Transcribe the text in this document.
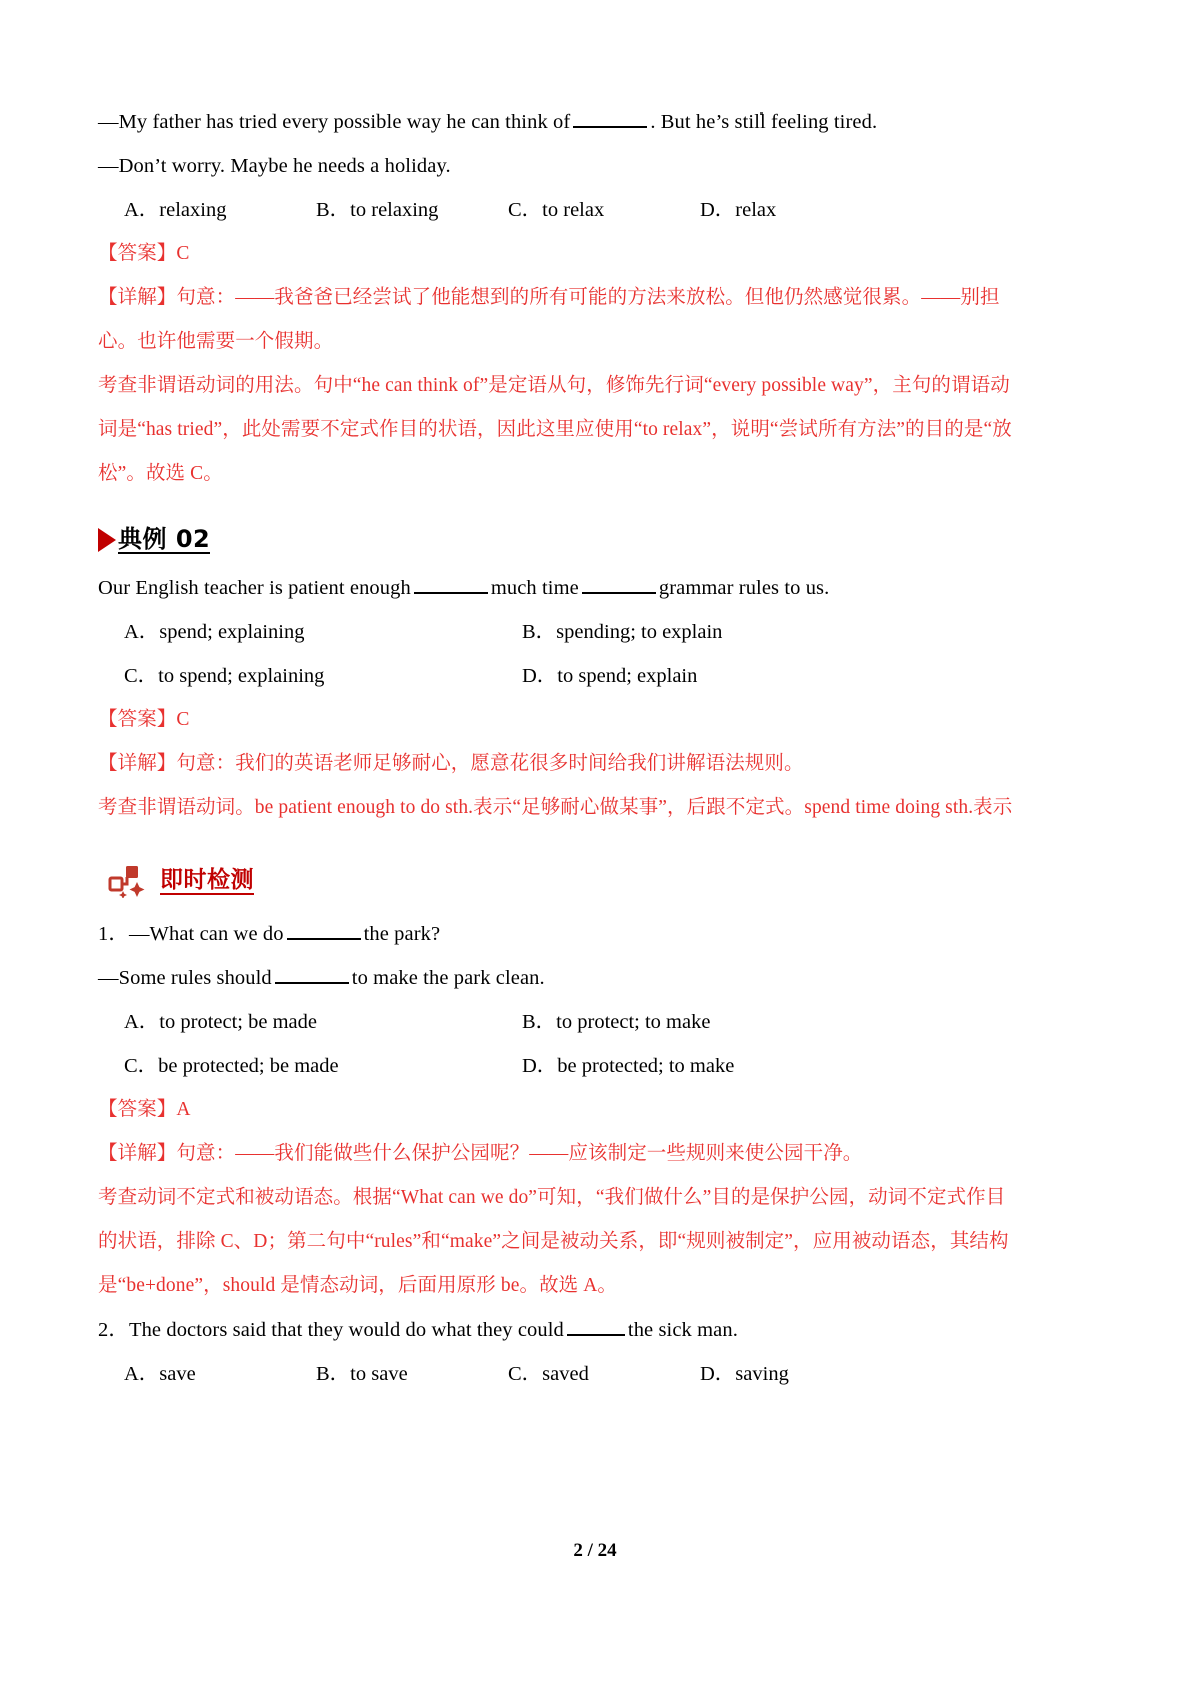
—My father has tried every possible way he can think of	. But he’s still feeling tired.
—Don’t worry. Maybe he needs a holiday.
A．relaxing	B．to relaxing	C．to relax	D．relax
【答案】C
【详解】句意：——我爸爸已经尝试了他能想到的所有可能的方法来放松。但他仍然感觉很累。——别担
心。也许他需要一个假期。
考查非谓语动词的用法。句中“he can think of”是定语从句，修饰先行词“every possible way”，主句的谓语动
词是“has tried”，此处需要不定式作目的状语，因此这里应使用“to relax”，说明“尝试所有方法”的目的是“放
松”。故选 C。
典例 02
Our English teacher is patient enough	much time	grammar rules to us.
A．spend; explaining	B．spending; to explain
C．to spend; explaining	D．to spend; explain
【答案】C
【详解】句意：我们的英语老师足够耐心，愿意花很多时间给我们讲解语法规则。
考查非谓语动词。be patient enough to do sth.表示“足够耐心做某事”，后跟不定式。spend time doing sth.表示
即时检测
1．—What can we do	the park?
—Some rules should	to make the park clean.
A．to protect; be made	B．to protect; to make
C．be protected; be made	D．be protected; to make
【答案】A
【详解】句意：——我们能做些什么保护公园呢？——应该制定一些规则来使公园干净。
考查动词不定式和被动语态。根据“What can we do”可知，“我们做什么”目的是保护公园，动词不定式作目
的状语，排除 C、D；第二句中“rules”和“make”之间是被动关系，即“规则被制定”，应用被动语态，其结构
是“be+done”，should 是情态动词，后面用原形 be。故选 A。
2．The doctors said that they would do what they could	the sick man.
A．save	B．to save	C．saved	D．saving
2 / 24
